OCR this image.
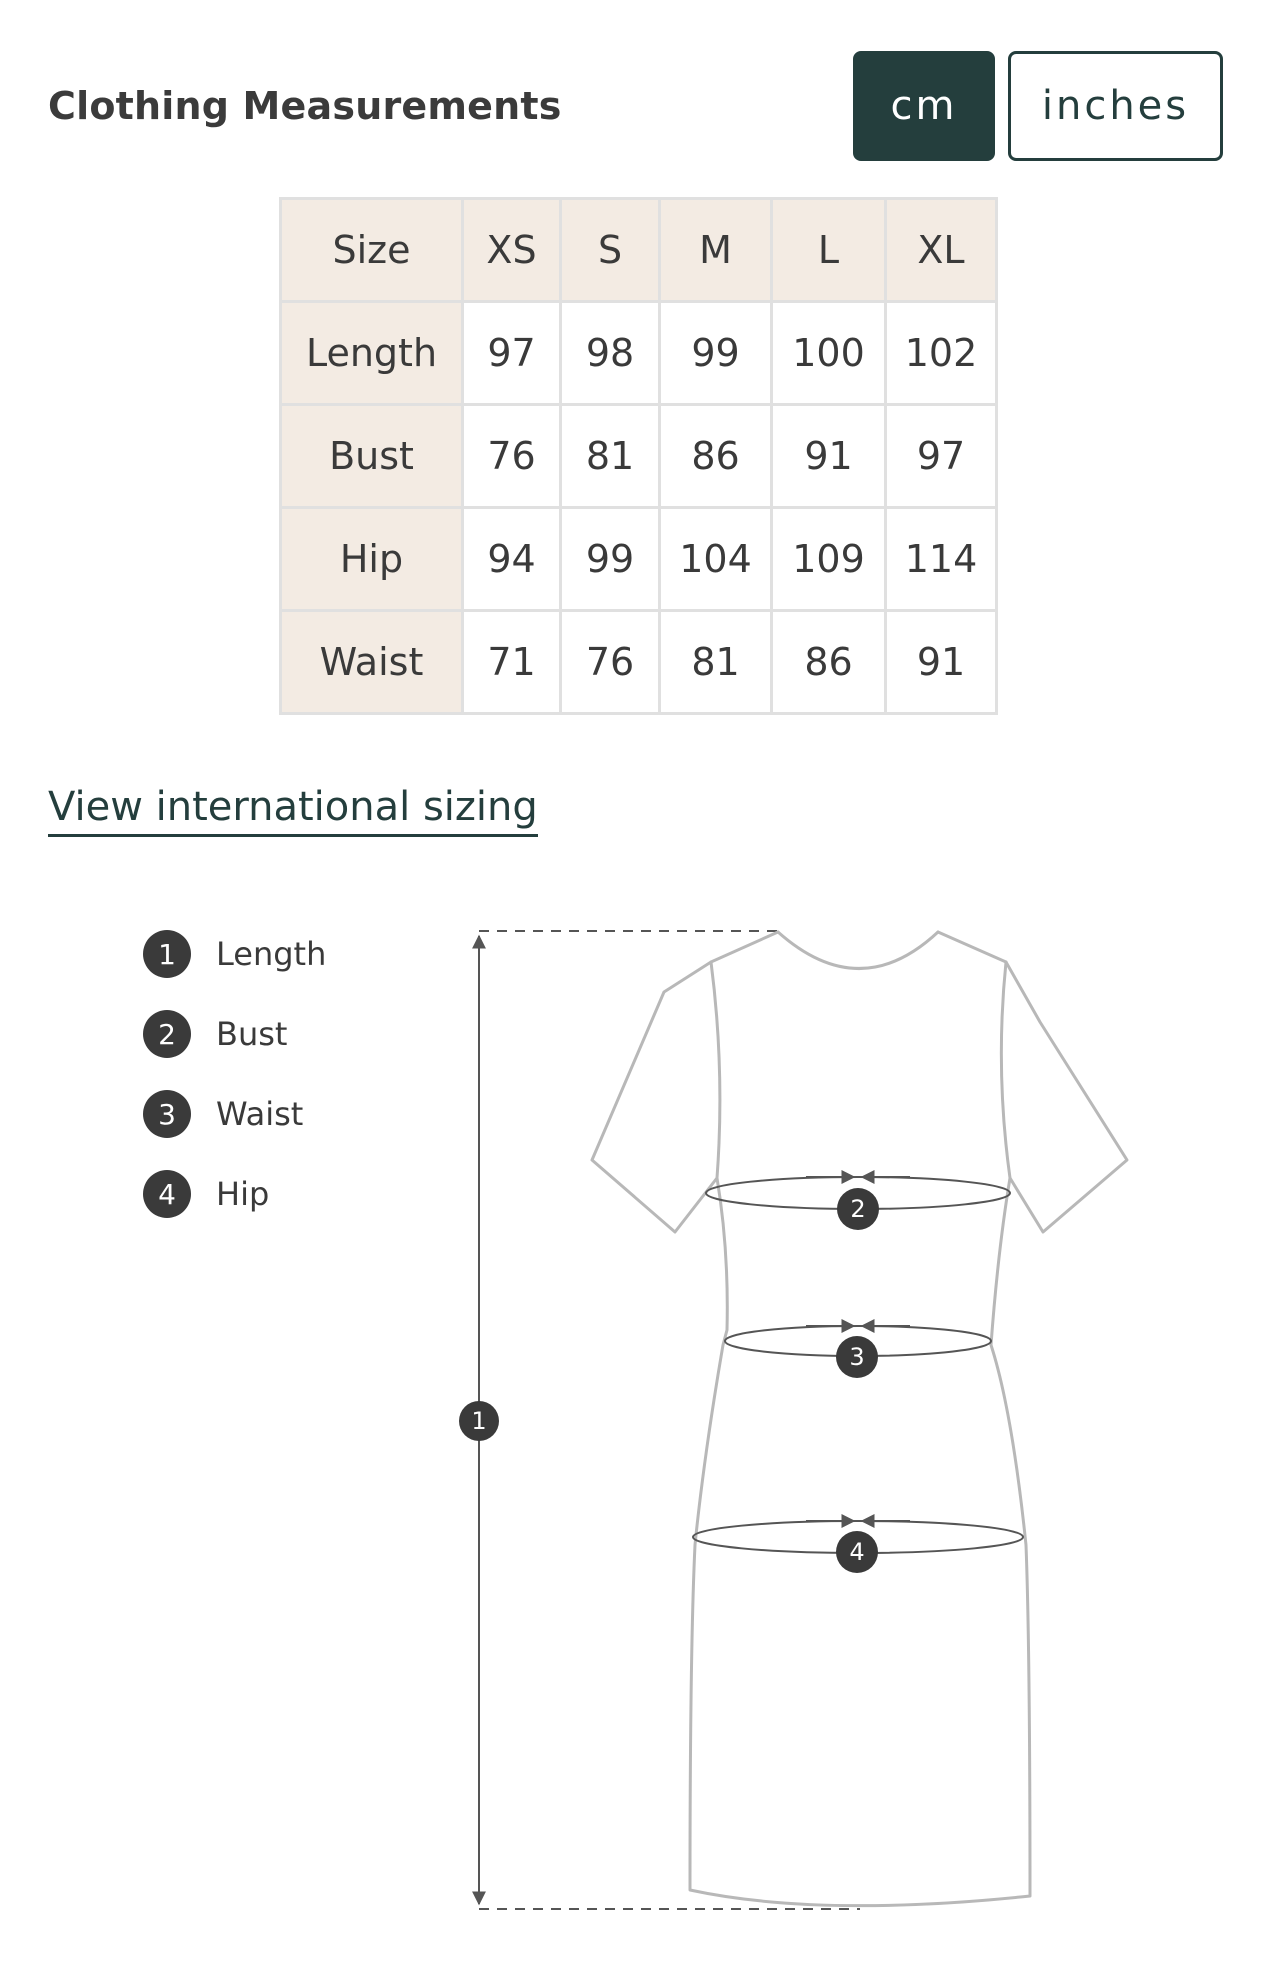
Clothing Measurements	cm	inches
Size	XS	S	M	L	XL
Length	97	98	99	100	102
Bust	76	81	86	91	97
Hip	94	99	104	109	114
Waist	71	76	81	86	91
View international sizing
1	Length
2	Bust
3	Waist
4	Hip
1
2
3
4
